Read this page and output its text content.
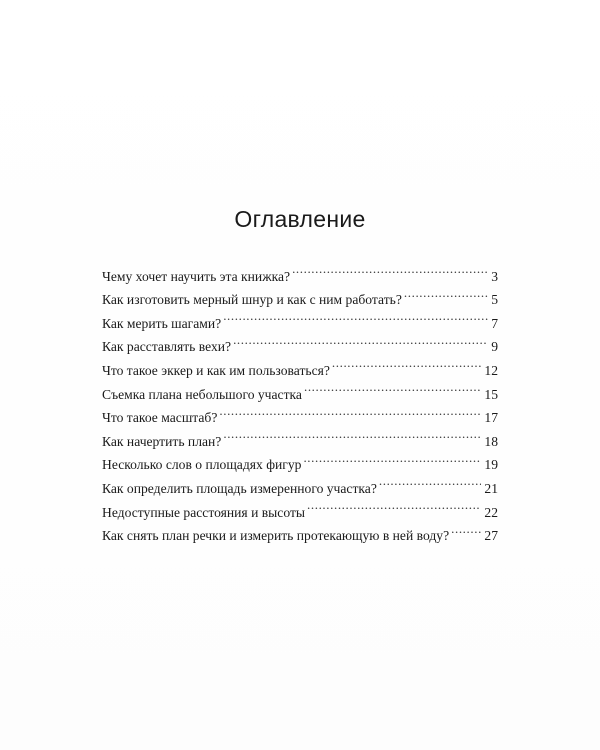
Оглавление
Чему хочет научить эта книжка? .....	3
Как изготовить мерный шнур и как с ним работать? .....	5
Как мерить шагами? .....	7
Как расставлять вехи? .....	9
Что такое эккер и как им пользоваться? .....	12
Съемка плана небольшого участка .....	15
Что такое масштаб? .....	17
Как начертить план? .....	18
Несколько слов о площадях фигур .....	19
Как определить площадь измеренного участка? .....	21
Недоступные расстояния и высоты .....	22
Как снять план речки и измерить протекающую в ней воду? .....	27
